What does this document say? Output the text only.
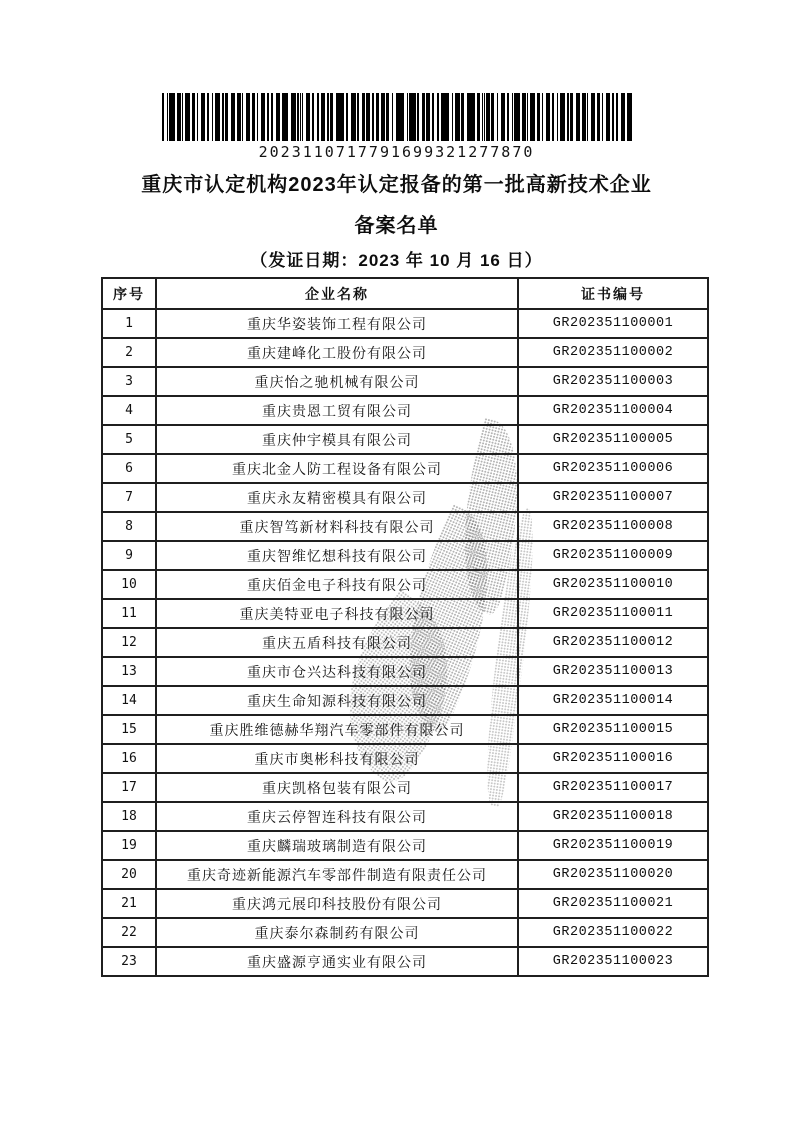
2023110717791699321277870
重庆市认定机构2023年认定报备的第一批高新技术企业
备案名单
（发证日期：2023 年 10 月 16 日）
序号	企业名称	证书编号
1	重庆华姿装饰工程有限公司	GR202351100001
2	重庆建峰化工股份有限公司	GR202351100002
3	重庆怡之驰机械有限公司	GR202351100003
4	重庆贵恩工贸有限公司	GR202351100004
5	重庆仲宇模具有限公司	GR202351100005
6	重庆北金人防工程设备有限公司	GR202351100006
7	重庆永友精密模具有限公司	GR202351100007
8	重庆智笃新材料科技有限公司	GR202351100008
9	重庆智维忆想科技有限公司	GR202351100009
10	重庆佰金电子科技有限公司	GR202351100010
11	重庆美特亚电子科技有限公司	GR202351100011
12	重庆五盾科技有限公司	GR202351100012
13	重庆市仓兴达科技有限公司	GR202351100013
14	重庆生命知源科技有限公司	GR202351100014
15	重庆胜维德赫华翔汽车零部件有限公司	GR202351100015
16	重庆市奥彬科技有限公司	GR202351100016
17	重庆凯格包装有限公司	GR202351100017
18	重庆云停智连科技有限公司	GR202351100018
19	重庆麟瑞玻璃制造有限公司	GR202351100019
20	重庆奇迹新能源汽车零部件制造有限责任公司	GR202351100020
21	重庆鸿元展印科技股份有限公司	GR202351100021
22	重庆泰尔森制药有限公司	GR202351100022
23	重庆盛源亨通实业有限公司	GR202351100023
